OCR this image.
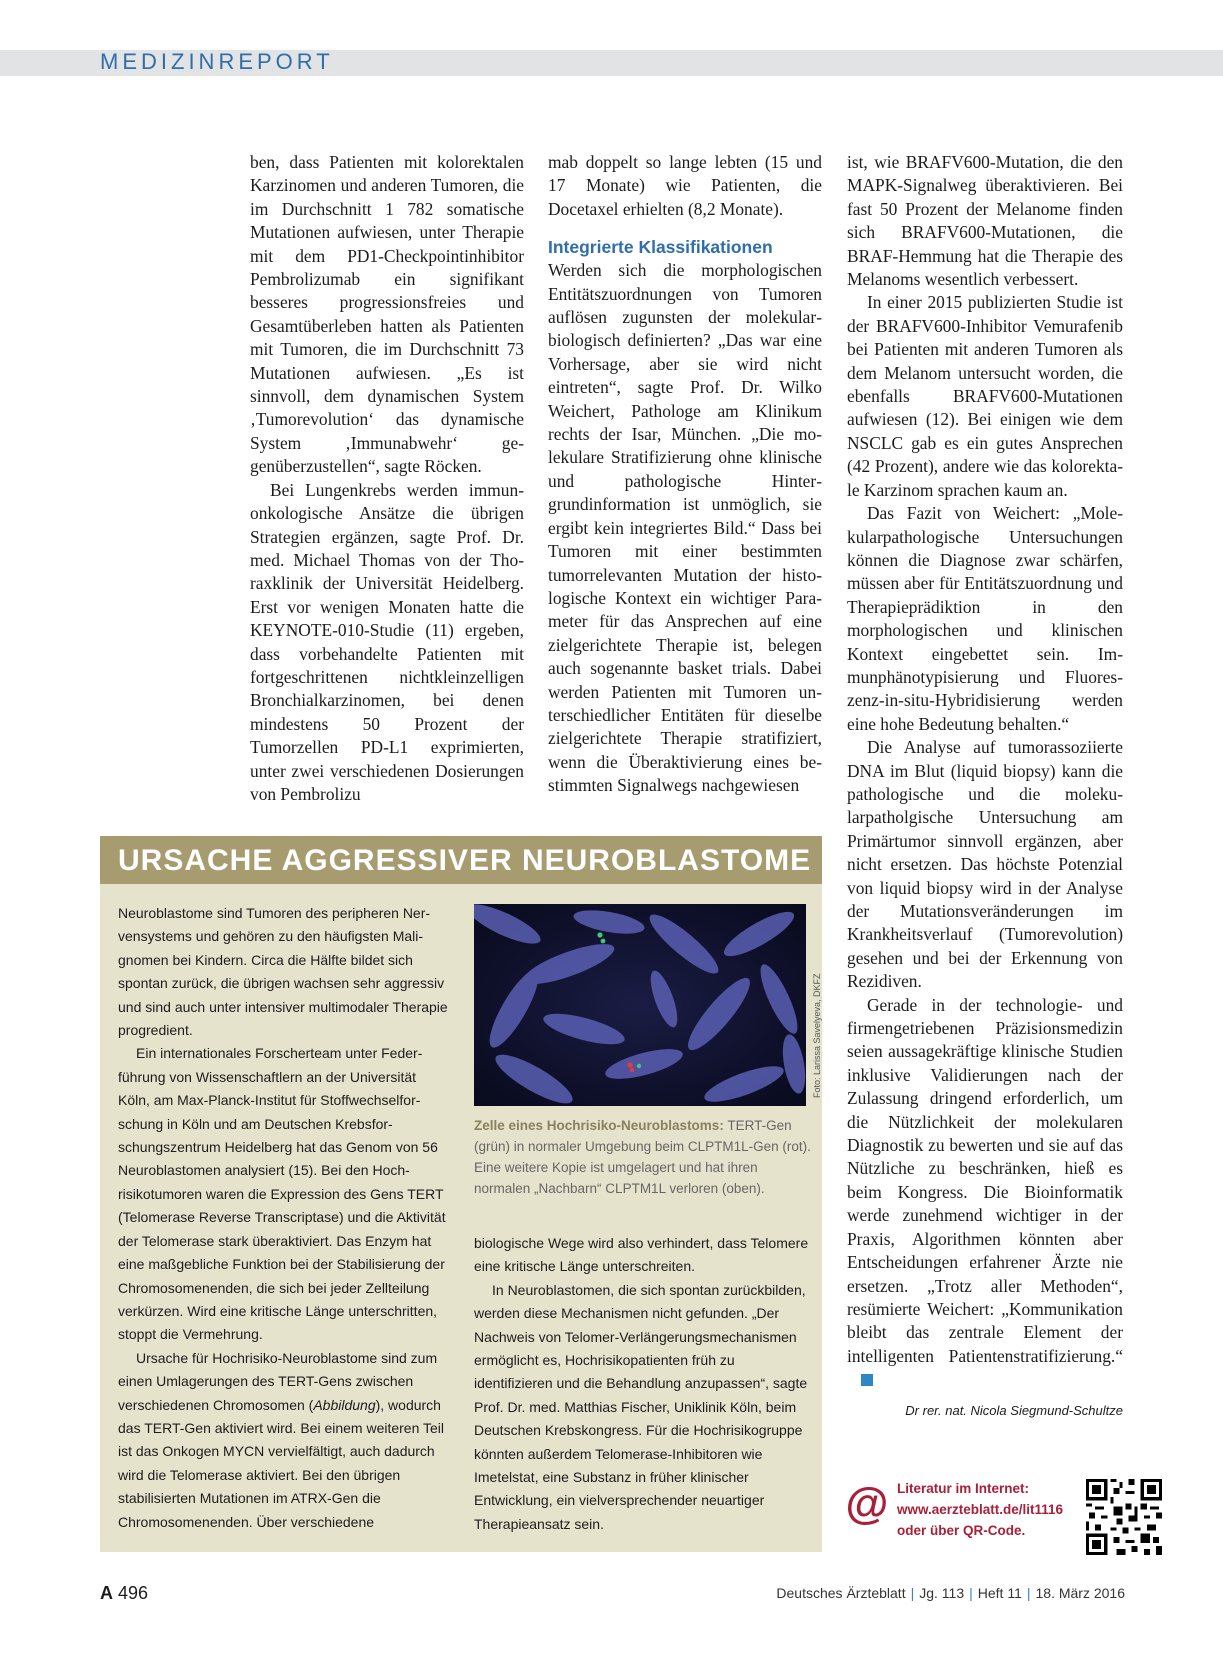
MEDIZINREPORT

ben, dass Patienten mit kolorektalen Karzinomen und anderen Tumoren, die im Durchschnitt 1 782 somatische Mutationen aufwiesen, unter Therapie mit dem PD1-Checkpointinhibitor Pembrolizumab ein signifikant besseres progressionsfreies und Gesamtüberleben hatten als Patienten mit Tumoren, die im Durchschnitt 73 Mutationen aufwiesen. „Es ist sinnvoll, dem dynamischen System ‚Tumorevolution‘ das dynamische System ‚Immunabwehr‘ gegenüberzustellen“, sagte Röcken.

Bei Lungenkrebs werden immunonkologische Ansätze die übrigen Strategien ergänzen, sagte Prof. Dr. med. Michael Thomas von der Thoraxklinik der Universität Heidelberg. Erst vor wenigen Monaten hatte die KEYNOTE-010-Studie (11) ergeben, dass vorbehandelte Patienten mit fortgeschrittenen nichtkleinzelligen Bronchialkarzinomen, bei denen mindestens 50 Prozent der Tumorzellen PD-L1 exprimierten, unter zwei verschiedenen Dosierungen von Pembrolizu

mab doppelt so lange lebten (15 und 17 Monate) wie Patienten, die Docetaxel erhielten (8,2 Monate).

Integrierte Klassifikationen

Werden sich die morphologischen Entitätszuordnungen von Tumoren auflösen zugunsten der molekularbiologisch definierten? „Das war eine Vorhersage, aber sie wird nicht eintreten“, sagte Prof. Dr. Wilko Weichert, Pathologe am Klinikum rechts der Isar, München. „Die molekulare Stratifizierung ohne klinische und pathologische Hintergrundinformation ist unmöglich, sie ergibt kein integriertes Bild.“ Dass bei Tumoren mit einer bestimmten tumorrelevanten Mutation der histologische Kontext ein wichtiger Parameter für das Ansprechen auf eine zielgerichtete Therapie ist, belegen auch sogenannte basket trials. Dabei werden Patienten mit Tumoren unterschiedlicher Entitäten für dieselbe zielgerichtete Therapie stratifiziert, wenn die Überaktivierung eines bestimmten Signalwegs nachgewiesen

ist, wie BRAFV600-Mutation, die den MAPK-Signalweg überaktivieren. Bei fast 50 Prozent der Melanome finden sich BRAFV600-Mutationen, die BRAF-Hemmung hat die Therapie des Melanoms wesentlich verbessert.

In einer 2015 publizierten Studie ist der BRAFV600-Inhibitor Vemurafenib bei Patienten mit anderen Tumoren als dem Melanom untersucht worden, die ebenfalls BRAFV600-Mutationen aufwiesen (12). Bei einigen wie dem NSCLC gab es ein gutes Ansprechen (42 Prozent), andere wie das kolorektale Karzinom sprachen kaum an.

Das Fazit von Weichert: „Molekularpathologische Untersuchungen können die Diagnose zwar schärfen, müssen aber für Entitätszuordnung und Therapieprädiktion in den morphologischen und klinischen Kontext eingebettet sein. Immunphänotypisierung und Fluoreszenz-in-situ-Hybridisierung werden eine hohe Bedeutung behalten.“

Die Analyse auf tumorassoziierte DNA im Blut (liquid biopsy) kann die pathologische und die molekularpatholgische Untersuchung am Primärtumor sinnvoll ergänzen, aber nicht ersetzen. Das höchste Potenzial von liquid biopsy wird in der Analyse der Mutationsveränderungen im Krankheitsverlauf (Tumorevolution) gesehen und bei der Erkennung von Rezidiven.

Gerade in der technologie- und firmengetriebenen Präzisionsmedizin seien aussagekräftige klinische Studien inklusive Validierungen nach der Zulassung dringend erforderlich, um die Nützlichkeit der molekularen Diagnostik zu bewerten und sie auf das Nützliche zu beschränken, hieß es beim Kongress. Die Bioinformatik werde zunehmend wichtiger in der Praxis, Algorithmen könnten aber Entscheidungen erfahrener Ärzte nie ersetzen. „Trotz aller Methoden“, resümierte Weichert: „Kommunikation bleibt das zentrale Element der intelligenten Patientenstratifizierung.“

Dr rer. nat. Nicola Siegmund-Schultze
URSACHE AGGRESSIVER NEUROBLASTOME

Neuroblastome sind Tumoren des peripheren Nervensystems und gehören zu den häufigsten Malignomen bei Kindern. Circa die Hälfte bildet sich spontan zurück, die übrigen wachsen sehr aggressiv und sind auch unter intensiver multimodaler Therapie progredient.

Ein internationales Forscherteam unter Federführung von Wissenschaftlern an der Universität Köln, am Max-Planck-Institut für Stoffwechselforschung in Köln und am Deutschen Krebsforschungszentrum Heidelberg hat das Genom von 56 Neuroblastomen analysiert (15). Bei den Hochrisikotumoren waren die Expression des Gens TERT (Telomerase Reverse Transcriptase) und die Aktivität der Telomerase stark überaktiviert. Das Enzym hat eine maßgebliche Funktion bei der Stabilisierung der Chromosomenenden, die sich bei jeder Zellteilung verkürzen. Wird eine kritische Länge unterschritten, stoppt die Vermehrung.

Ursache für Hochrisiko-Neuroblastome sind zum einen Umlagerungen des TERT-Gens zwischen verschiedenen Chromosomen (Abbildung), wodurch das TERT-Gen aktiviert wird. Bei einem weiteren Teil ist das Onkogen MYCN vervielfältigt, auch dadurch wird die Telomerase aktiviert. Bei den übrigen stabilisierten Mutationen im ATRX-Gen die Chromosomenenden. Über verschiedene

Foto: Larissa Savelyeva, DKFZ
Zelle eines Hochrisiko-Neuroblastoms: TERT-Gen (grün) in normaler Umgebung beim CLPTM1L-Gen (rot). Eine weitere Kopie ist umgelagert und hat ihren normalen „Nachbarn“ CLPTM1L verloren (oben).

biologische Wege wird also verhindert, dass Telomere eine kritische Länge unterschreiten.

In Neuroblastomen, die sich spontan zurückbilden, werden diese Mechanismen nicht gefunden. „Der Nachweis von Telomer-Verlängerungsmechanismen ermöglicht es, Hochrisikopatienten früh zu identifizieren und die Behandlung anzupassen“, sagte Prof. Dr. med. Matthias Fischer, Uniklinik Köln, beim Deutschen Krebskongress. Für die Hochrisikogruppe könnten außerdem Telomerase-Inhibitoren wie Imetelstat, eine Substanz in früher klinischer Entwicklung, ein vielversprechender neuartiger Therapieansatz sein.	@ Literatur im Internet:
www.aerzteblatt.de/lit1116
oder über QR-Code.
A 496	Deutsches Ärzteblatt | Jg. 113 | Heft 11 | 18. März 2016
